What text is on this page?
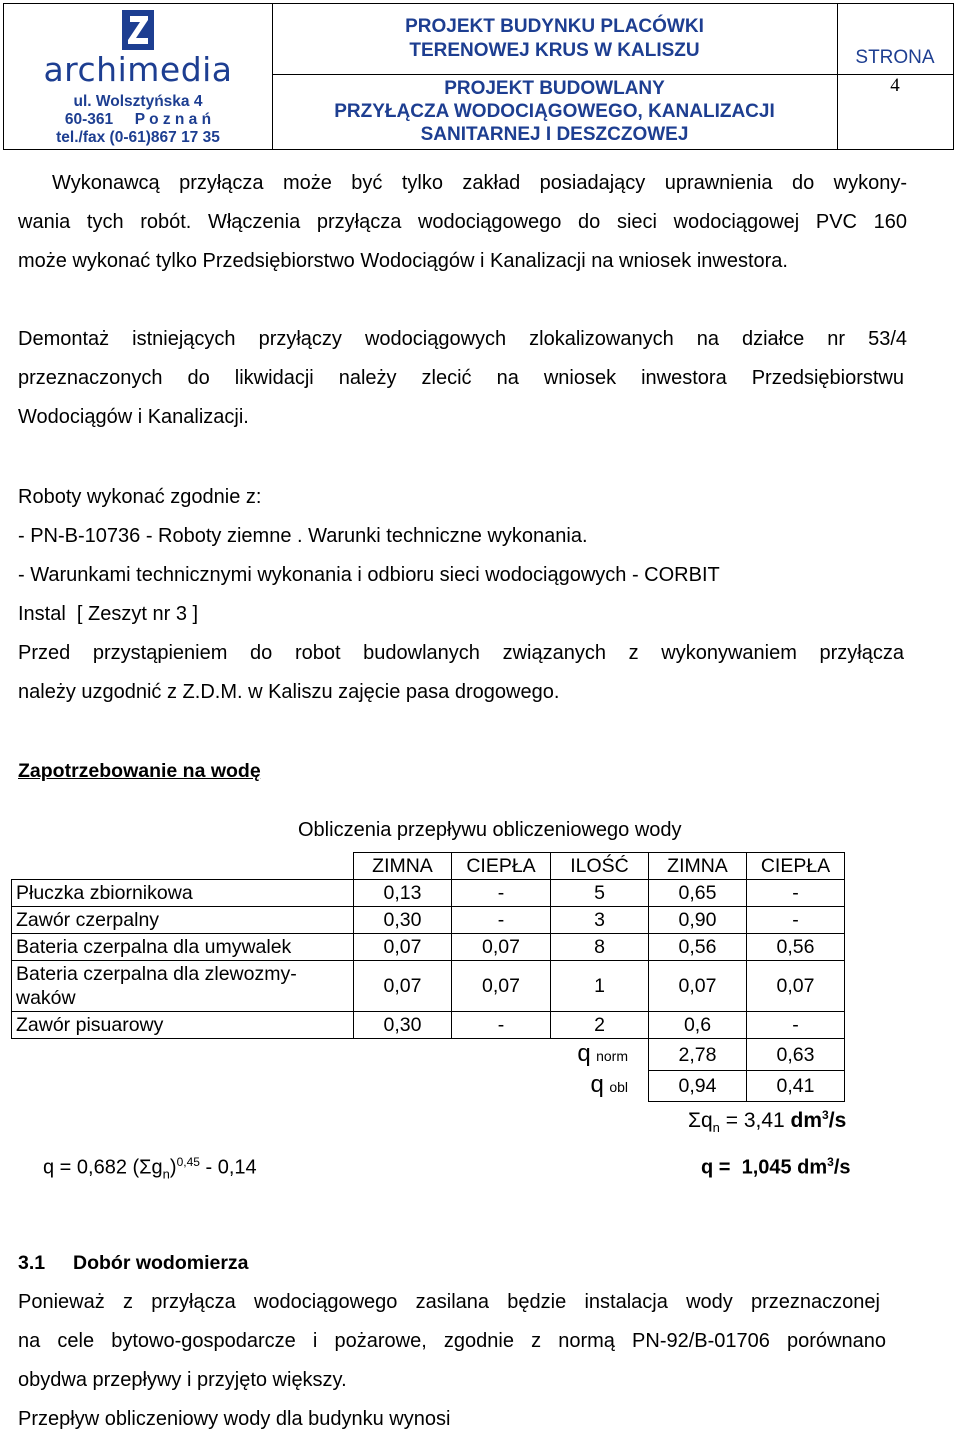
archimedia
ul. Wolsztyńska 4
60-361     P o z n a ń
tel./fax (0-61)867 17 35
PROJEKT BUDYNKU PLACÓWKI
TERENOWEJ KRUS W KALISZU
PROJEKT BUDOWLANY
PRZYŁĄCZA WODOCIĄGOWEGO, KANALIZACJI
SANITARNEJ I DESZCZOWEJ
STRONA
4
Wykonawcą przyłącza może być tylko zakład posiadający uprawnienia do wykony-
wania tych robót. Włączenia przyłącza wodociągowego do sieci wodociągowej PVC 160
może wykonać tylko Przedsiębiorstwo Wodociągów i Kanalizacji na wniosek inwestora.
Demontaż istniejących przyłączy wodociągowych zlokalizowanych na działce nr 53/4
przeznaczonych do likwidacji należy zlecić na wniosek inwestora Przedsiębiorstwu
Wodociągów i Kanalizacji.
Roboty wykonać zgodnie z:
- PN-B-10736 - Roboty ziemne . Warunki techniczne wykonania.
- Warunkami technicznymi wykonania i odbioru sieci wodociągowych - CORBIT
Instal  [ Zeszyt nr 3 ]
Przed przystąpieniem do robot budowlanych związanych z wykonywaniem przyłącza
należy uzgodnić z Z.D.M. w Kaliszu zajęcie pasa drogowego.
Zapotrzebowanie na wodę
Obliczenia przepływu obliczeniowego wody
	ZIMNA	CIEPŁA	ILOŚĆ	ZIMNA	CIEPŁA
Płuczka zbiornikowa	0,13	-	5	0,65	-
Zawór czerpalny	0,30	-	3	0,90	-
Bateria czerpalna dla umywalek	0,07	0,07	8	0,56	0,56

Bateria czerpalna dla zlewozmy-
waków	0,07	0,07	1	0,07	0,07
Zawór pisuarowy	0,30	-	2	0,6	-
			q norm	2,78	0,63
			q obl	0,94	0,41
$\Sigma q_n = 3,41$ $dm^3/s$
q = 0,682 $(\Sigma g_n)^{0,45} - 0,14$	q =  1,045 $dm^3/s$
3.1 Dobór wodomierza
Ponieważ z przyłącza wodociągowego zasilana będzie instalacja wody przeznaczonej
na cele bytowo-gospodarcze i pożarowe, zgodnie z normą PN-92/B-01706 porównano
obydwa przepływy i przyjęto większy.
Przepływ obliczeniowy wody dla budynku wynosi
